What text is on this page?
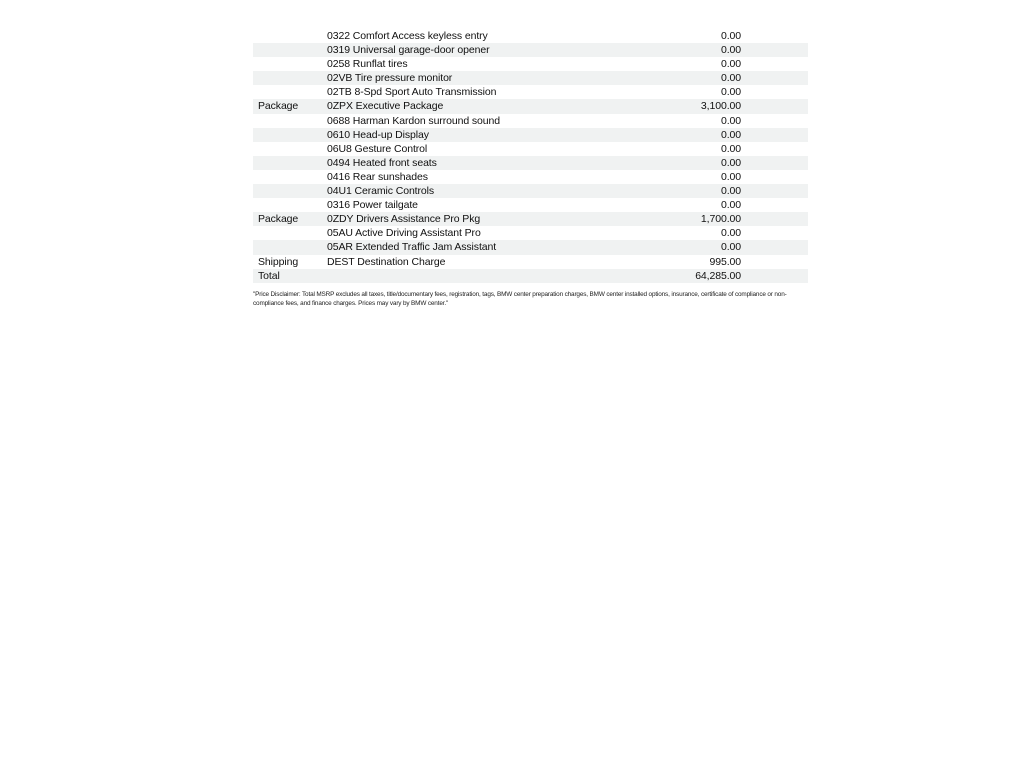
	0322 Comfort Access keyless entry	0.00	
	0319 Universal garage-door opener	0.00	
	0258 Runflat tires	0.00	
	02VB Tire pressure monitor	0.00	
	02TB 8-Spd Sport Auto Transmission	0.00	
Package	0ZPX Executive Package	3,100.00	
	0688 Harman Kardon surround sound	0.00	
	0610 Head-up Display	0.00	
	06U8 Gesture Control	0.00	
	0494 Heated front seats	0.00	
	0416 Rear sunshades	0.00	
	04U1 Ceramic Controls	0.00	
	0316 Power tailgate	0.00	
Package	0ZDY Drivers Assistance Pro Pkg	1,700.00	
	05AU Active Driving Assistant Pro	0.00	
	05AR Extended Traffic Jam Assistant	0.00	
Shipping	DEST Destination Charge	995.00	
Total		64,285.00	
"Price Disclaimer: Total MSRP excludes all taxes, title/documentary fees, registration, tags, BMW center preparation charges, BMW center installed options, insurance, certificate of compliance or non-compliance fees, and finance charges. Prices may vary by BMW center."
